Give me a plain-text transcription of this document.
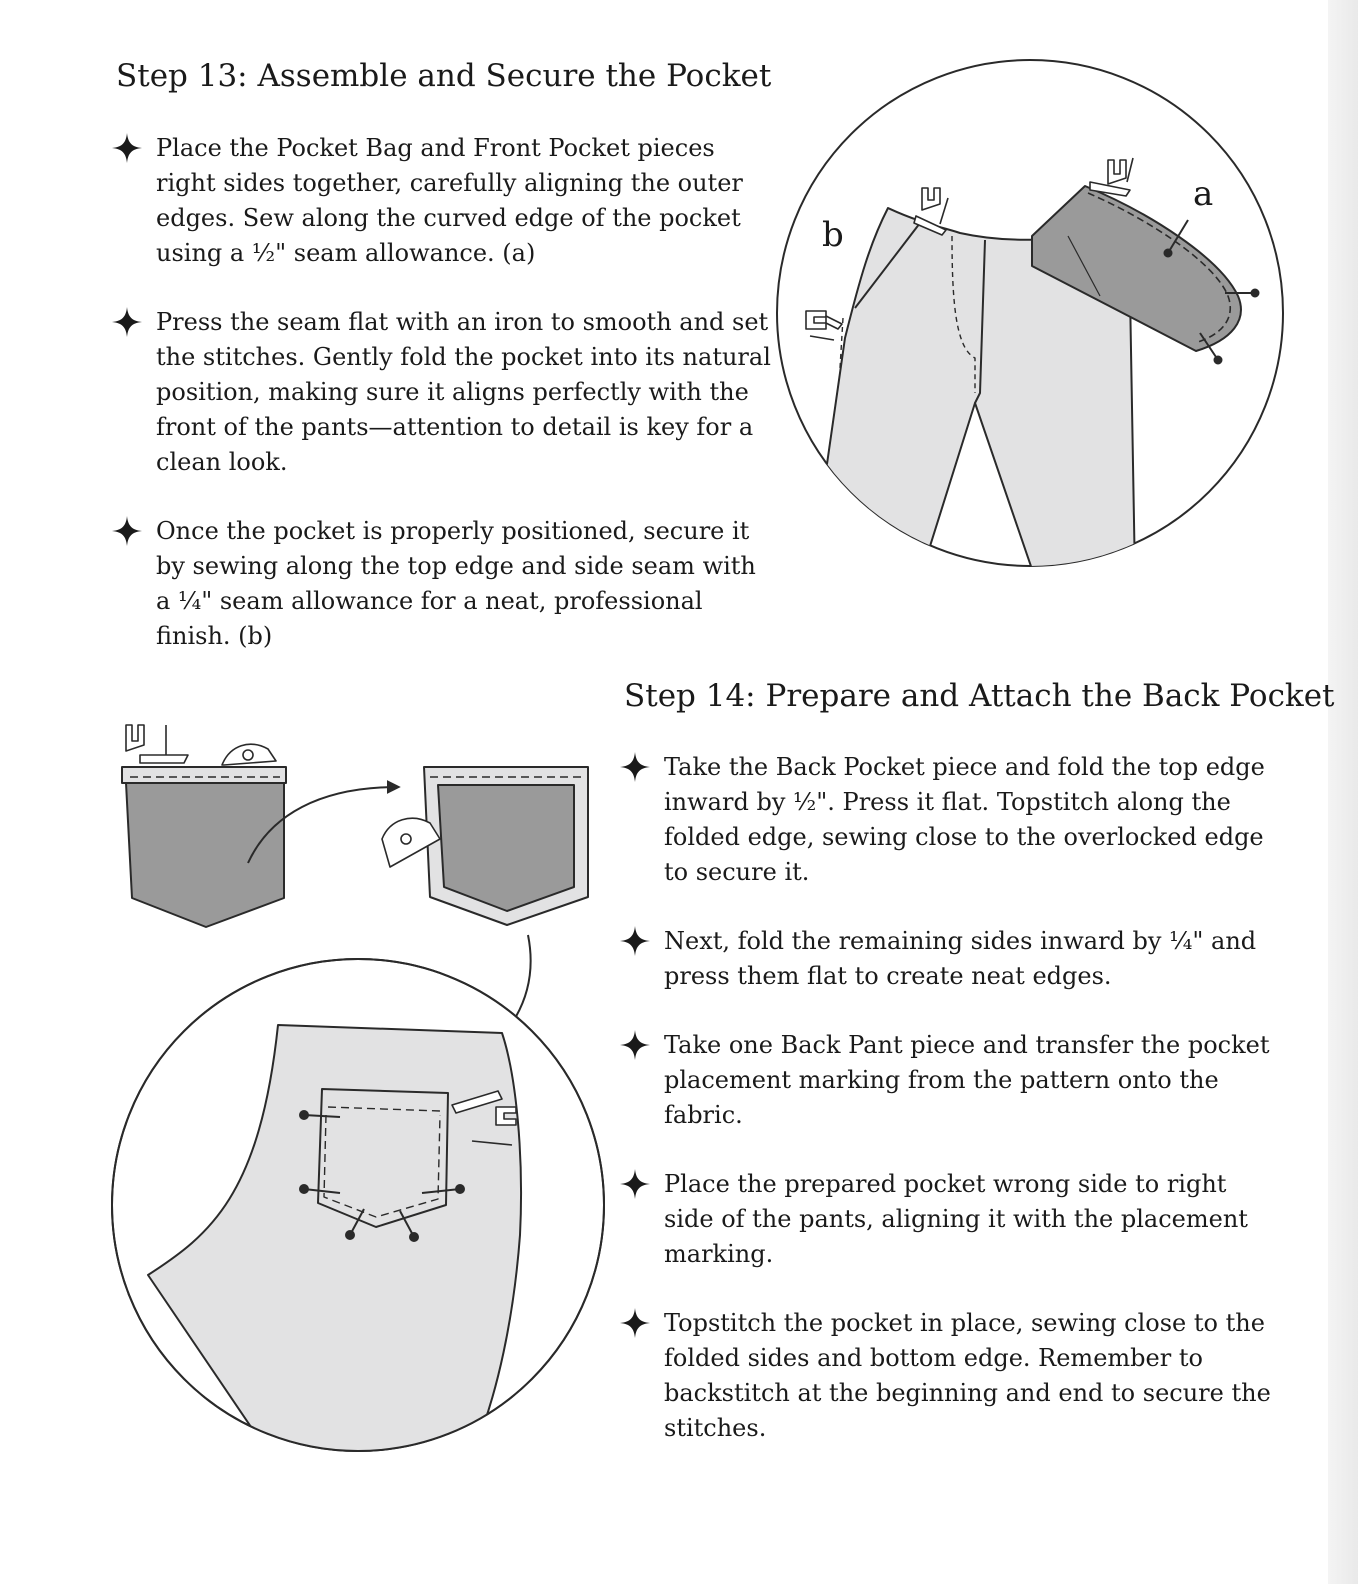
Step 13: Assemble and Secure the Pocket
Place the Pocket Bag and Front Pocket pieces right sides together, carefully aligning the outer edges. Sew along the curved edge of the pocket using a ½" seam allowance. (a)
Press the seam flat with an iron to smooth and set the stitches. Gently fold the pocket into its natural position, making sure it aligns perfectly with the front of the pants—attention to detail is key for a clean look.
Once the pocket is properly positioned, secure it by sewing along the top edge and side seam with a ¼" seam allowance for a neat, professional finish. (b)
b
a
Step 14: Prepare and Attach the Back Pocket
Take the Back Pocket piece and fold the top edge inward by ½". Press it flat. Topstitch along the folded edge, sewing close to the overlocked edge to secure it.
Next, fold the remaining sides inward by ¼" and press them flat to create neat edges.
Take one Back Pant piece and transfer the pocket placement marking from the pattern onto the fabric.
Place the prepared pocket wrong side to right side of the pants, aligning it with the placement marking.
Topstitch the pocket in place, sewing close to the folded sides and bottom edge. Remember to backstitch at the beginning and end to secure the stitches.
